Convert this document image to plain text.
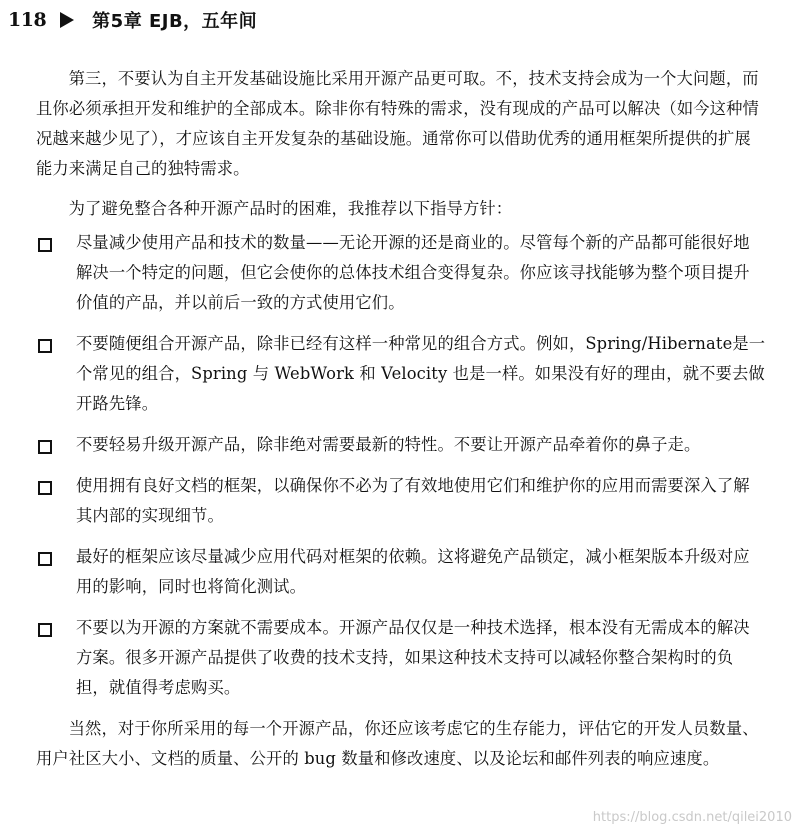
118	第5章 EJB，五年间

第三，不要认为自主开发基础设施比采用开源产品更可取。不，技术支持会成为一个大问题，而且你必须承担开发和维护的全部成本。除非你有特殊的需求，没有现成的产品可以解决（如今这种情况越来越少见了），才应该自主开发复杂的基础设施。通常你可以借助优秀的通用框架所提供的扩展能力来满足自己的独特需求。

为了避免整合各种开源产品时的困难，我推荐以下指导方针：

尽量减少使用产品和技术的数量——无论开源的还是商业的。尽管每个新的产品都可能很好地解决一个特定的问题，但它会使你的总体技术组合变得复杂。你应该寻找能够为整个项目提升价值的产品，并以前后一致的方式使用它们。
不要随便组合开源产品，除非已经有这样一种常见的组合方式。例如，Spring/Hibernate是一个常见的组合，Spring 与 WebWork 和 Velocity 也是一样。如果没有好的理由，就不要去做开路先锋。
不要轻易升级开源产品，除非绝对需要最新的特性。不要让开源产品牵着你的鼻子走。
使用拥有良好文档的框架，以确保你不必为了有效地使用它们和维护你的应用而需要深入了解其内部的实现细节。
最好的框架应该尽量减少应用代码对框架的依赖。这将避免产品锁定，减小框架版本升级对应用的影响，同时也将简化测试。
不要以为开源的方案就不需要成本。开源产品仅仅是一种技术选择，根本没有无需成本的解决方案。很多开源产品提供了收费的技术支持，如果这种技术支持可以减轻你整合架构时的负担，就值得考虑购买。

当然，对于你所采用的每一个开源产品，你还应该考虑它的生存能力，评估它的开发人员数量、用户社区大小、文档的质量、公开的 bug 数量和修改速度、以及论坛和邮件列表的响应速度。

https://blog.csdn.net/qilei2010
